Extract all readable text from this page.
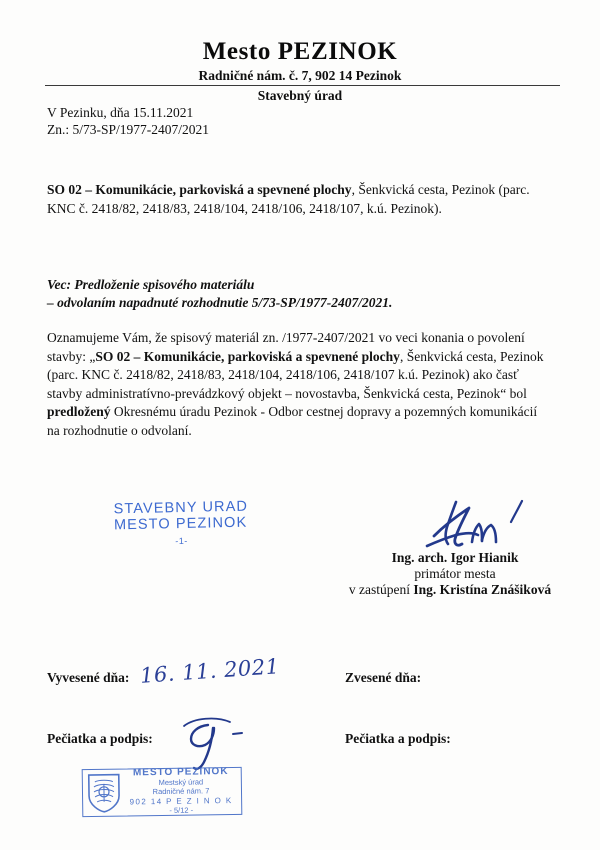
Mesto PEZINOK
Radničné nám. č. 7, 902 14 Pezinok
Stavebný úrad
V Pezinku, dňa 15.11.2021
Zn.: 5/73-SP/1977-2407/2021
SO 02 – Komunikácie, parkoviská a spevnené plochy, Šenkvická cesta, Pezinok (parc. KNC č. 2418/82, 2418/83, 2418/104, 2418/106, 2418/107, k.ú. Pezinok).
Vec: Predloženie spisového materiálu
– odvolaním napadnuté rozhodnutie 5/73-SP/1977-2407/2021.
Oznamujeme Vám, že spisový materiál zn. /1977-2407/2021 vo veci konania o povolení stavby: „SO 02 – Komunikácie, parkoviská a spevnené plochy, Šenkvická cesta, Pezinok (parc. KNC č. 2418/82, 2418/83, 2418/104, 2418/106, 2418/107 k.ú. Pezinok) ako časť stavby administratívno-prevádzkový objekt – novostavba, Šenkvická cesta, Pezinok“ bol predložený Okresnému úradu Pezinok - Odbor cestnej dopravy a pozemných komunikácií na rozhodnutie o odvolaní.
STAVEBNY URAD
MESTO PEZINOK
-1-
Ing. arch. Igor Hianik
primátor mesta
v zastúpení Ing. Kristína Znášiková
Vyvesené dňa: 16. 11. 2021	Zvesené dňa:
Pečiatka a podpis:	Pečiatka a podpis:
MESTO PEZINOK
Mestský úrad
Radničné nám. 7
902 14 P E Z I N O K
- 5/12 -
